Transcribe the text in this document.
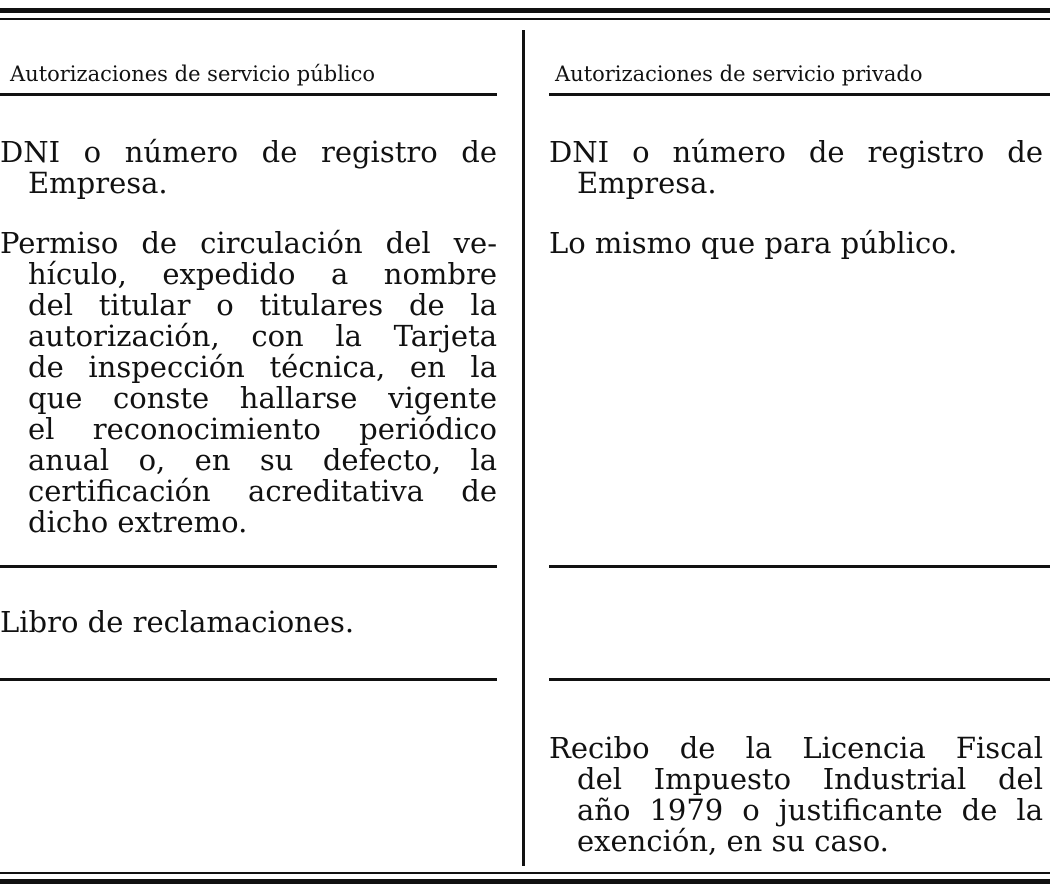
Autorizaciones de servicio público	Autorizaciones de servicio privado
DNI o número de registro de
Empresa.
Permiso de circulación del ve-
hículo, expedido a nombre
del titular o titulares de la
autorización, con la Tarjeta
de inspección técnica, en la
que conste hallarse vigente
el reconocimiento periódico
anual o, en su defecto, la
certificación acreditativa de
dicho extremo.
Libro de reclamaciones.
DNI o número de registro de
Empresa.
Lo mismo que para público.
Recibo de la Licencia Fiscal
del Impuesto Industrial del
año 1979 o justificante de la
exención, en su caso.
